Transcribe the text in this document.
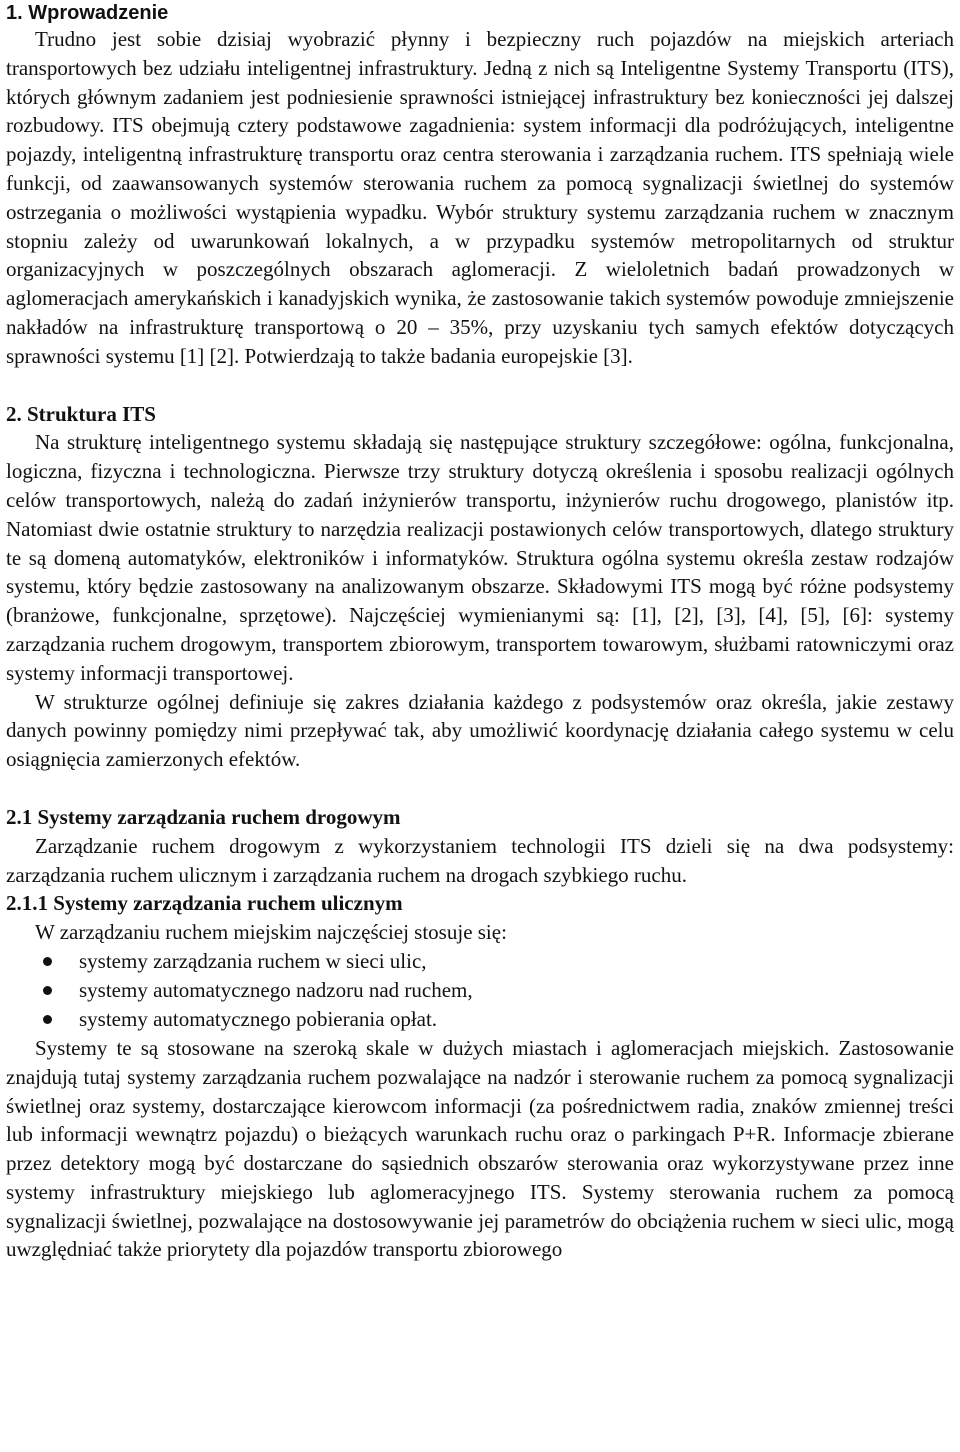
1. Wprowadzenie

Trudno jest sobie dzisiaj wyobrazić płynny i bezpieczny ruch pojazdów na miejskich arteriach transportowych bez udziału inteligentnej infrastruktury. Jedną z nich są Inteligentne Systemy Transportu (ITS), których głównym zadaniem jest podniesienie sprawności istniejącej infrastruktury bez konieczności jej dalszej rozbudowy. ITS obejmują cztery podstawowe zagadnienia: system informacji dla podróżujących, inteligentne pojazdy, inteligentną infrastrukturę transportu oraz centra sterowania i zarządzania ruchem. ITS spełniają wiele funkcji, od zaawansowanych systemów sterowania ruchem za pomocą sygnalizacji świetlnej do systemów ostrzegania o możliwości wystąpienia wypadku. Wybór struktury systemu zarządzania ruchem w znacznym stopniu zależy od uwarunkowań lokalnych, a w przypadku systemów metropolitarnych od struktur organizacyjnych w poszczególnych obszarach aglomeracji. Z wieloletnich badań prowadzonych w aglomeracjach amerykańskich i kanadyjskich wynika, że zastosowanie takich systemów powoduje zmniejszenie nakładów na infrastrukturę transportową o 20 – 35%, przy uzyskaniu tych samych efektów dotyczących sprawności systemu [1] [2]. Potwierdzają to także badania europejskie [3].

2. Struktura ITS

Na strukturę inteligentnego systemu składają się następujące struktury szczegółowe: ogólna, funkcjonalna, logiczna, fizyczna i technologiczna. Pierwsze trzy struktury dotyczą określenia i sposobu realizacji ogólnych celów transportowych, należą do zadań inżynierów transportu, inżynierów ruchu drogowego, planistów itp. Natomiast dwie ostatnie struktury to narzędzia realizacji postawionych celów transportowych, dlatego struktury te są domeną automatyków, elektroników i informatyków. Struktura ogólna systemu określa zestaw rodzajów systemu, który będzie zastosowany na analizowanym obszarze. Składowymi ITS mogą być różne podsystemy (branżowe, funkcjonalne, sprzętowe). Najczęściej wymienianymi są: [1], [2], [3], [4], [5], [6]: systemy zarządzania ruchem drogowym, transportem zbiorowym, transportem towarowym, służbami ratowniczymi oraz systemy informacji transportowej.

W strukturze ogólnej definiuje się zakres działania każdego z podsystemów oraz określa, jakie zestawy danych powinny pomiędzy nimi przepływać tak, aby umożliwić koordynację działania całego systemu w celu osiągnięcia zamierzonych efektów.

2.1 Systemy zarządzania ruchem drogowym

Zarządzanie ruchem drogowym z wykorzystaniem technologii ITS dzieli się na dwa podsystemy: zarządzania ruchem ulicznym i zarządzania ruchem na drogach szybkiego ruchu.

2.1.1 Systemy zarządzania ruchem ulicznym

W zarządzaniu ruchem miejskim najczęściej stosuje się:

systemy zarządzania ruchem w sieci ulic,
systemy automatycznego nadzoru nad ruchem,
systemy automatycznego pobierania opłat.

Systemy te są stosowane na szeroką skale w dużych miastach i aglomeracjach miejskich. Zastosowanie znajdują tutaj systemy zarządzania ruchem pozwalające na nadzór i sterowanie ruchem za pomocą sygnalizacji świetlnej oraz systemy, dostarczające kierowcom informacji (za pośrednictwem radia, znaków zmiennej treści lub informacji wewnątrz pojazdu) o bieżących warunkach ruchu oraz o parkingach P+R. Informacje zbierane przez detektory mogą być dostarczane do sąsiednich obszarów sterowania oraz wykorzystywane przez inne systemy infrastruktury miejskiego lub aglomeracyjnego ITS. Systemy sterowania ruchem za pomocą sygnalizacji świetlnej, pozwalające na dostosowywanie jej parametrów do obciążenia ruchem w sieci ulic, mogą uwzględniać także priorytety dla pojazdów transportu zbiorowego
